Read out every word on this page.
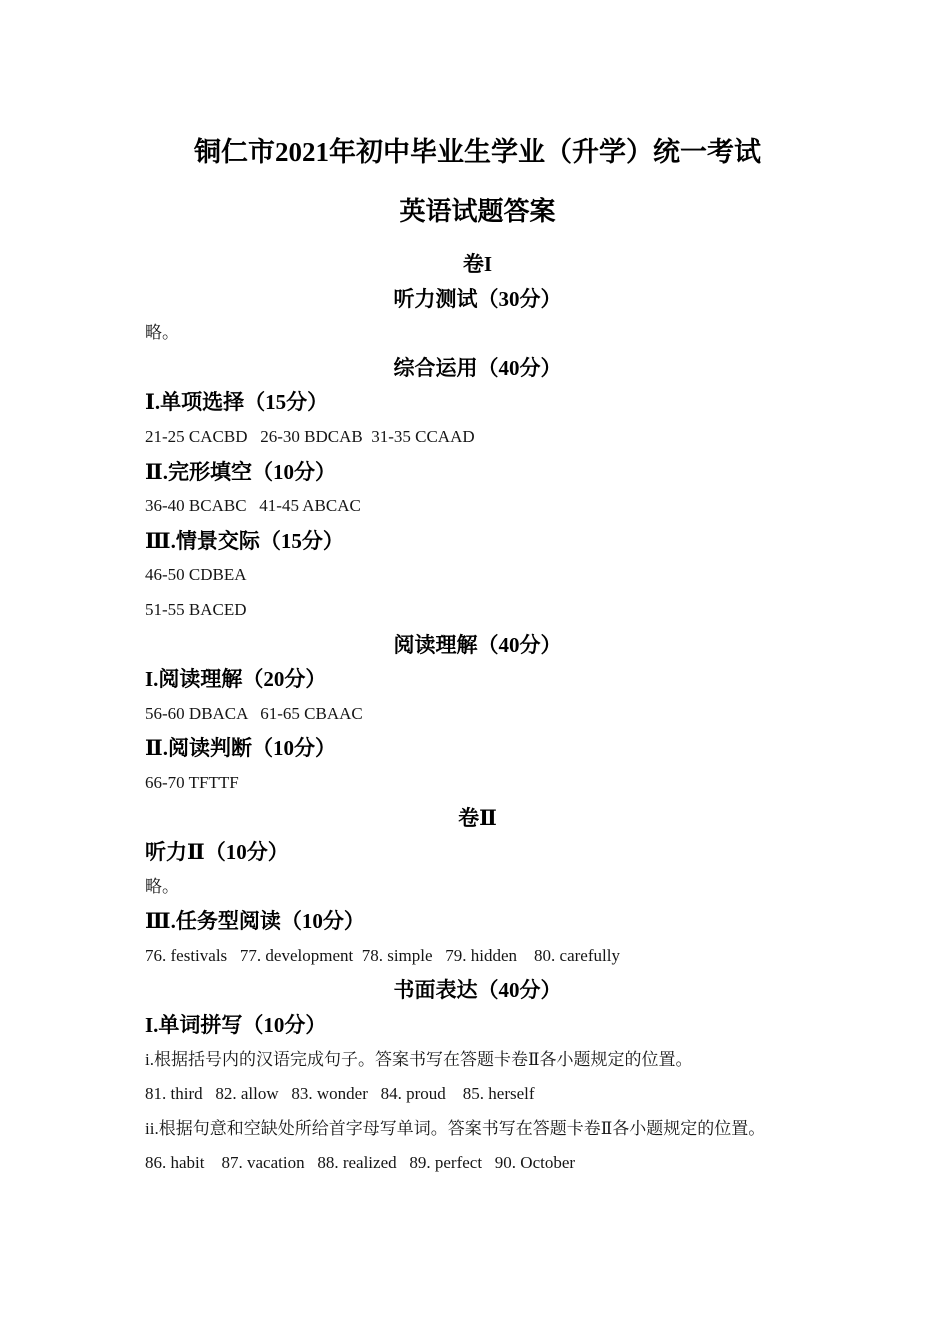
铜仁市2021年初中毕业生学业（升学）统一考试
英语试题答案
卷I
听力测试（30分）
略。
综合运用（40分）
Ⅰ.单项选择（15分）
21-25 CACBD   26-30 BDCAB  31-35 CCAAD
Ⅱ.完形填空（10分）
36-40 BCABC   41-45 ABCAC
Ⅲ.情景交际（15分）
46-50 CDBEA
51-55 BACED
阅读理解（40分）
I.阅读理解（20分）
56-60 DBACA   61-65 CBAAC
Ⅱ.阅读判断（10分）
66-70 TFTTF
卷Ⅱ
听力Ⅱ（10分）
略。
Ⅲ.任务型阅读（10分）
76. festivals   77. development  78. simple   79. hidden    80. carefully
书面表达（40分）
I.单词拼写（10分）
i.根据括号内的汉语完成句子。答案书写在答题卡卷Ⅱ各小题规定的位置。
81. third   82. allow   83. wonder   84. proud    85. herself
ii.根据句意和空缺处所给首字母写单词。答案书写在答题卡卷Ⅱ各小题规定的位置。
86. habit    87. vacation   88. realized   89. perfect   90. October
